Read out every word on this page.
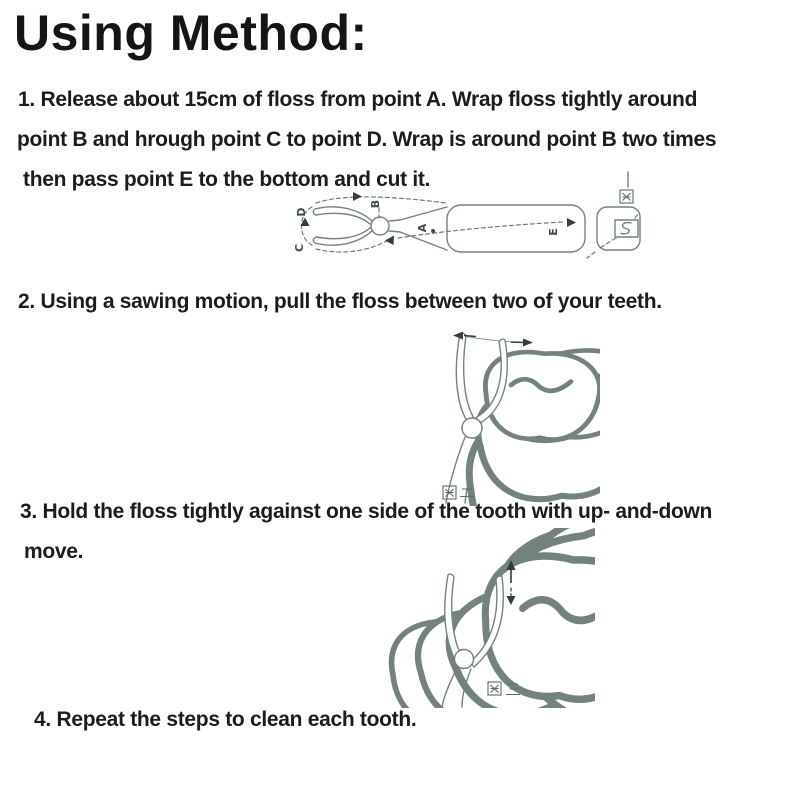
Using Method:
1. Release about 15cm of floss from point A. Wrap floss tightly around
point B and hrough point C to point D. Wrap is around point B two times
then pass point E to the bottom and cut it.
D
C
B
A	E
2. Using a sawing motion, pull the floss between two of your teeth.
3. Hold the floss tightly against one side of the tooth with up- and-down
move.
4. Repeat the steps to clean each tooth.
